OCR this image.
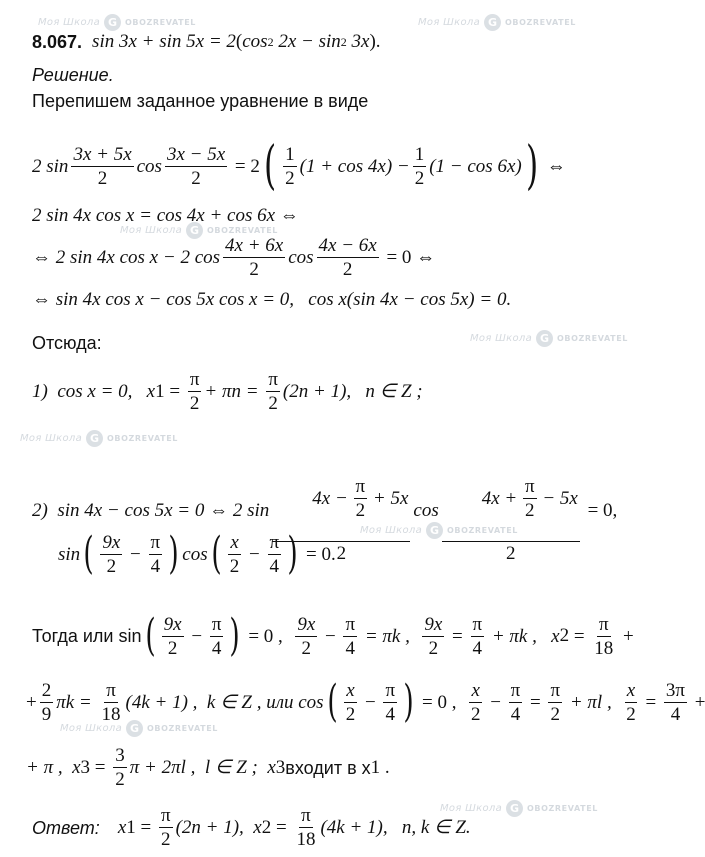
Моя Школа G OBOZREVATEL	Моя Школа G OBOZREVATEL
Моя Школа G OBOZREVATEL
Моя Школа G OBOZREVATEL
Моя Школа G OBOZREVATEL
Моя Школа G OBOZREVATEL
Моя Школа G OBOZREVATEL
Моя Школа G OBOZREVATEL
8.067. sin 3x + sin 5x = 2 ( cos 2 2x − sin 2 3x ) .
Решение.
Перепишем заданное уравнение в виде
2 $\sin \frac{3x + 5x}{2}$ $\cos \frac{3x - 5x}{2} = 2$ ( $\frac{1}{2} (1 + \cos 4x) - \frac{1}{2} (1 - \cos 6x)$ ) ⇔
2 sin 4x cos x = cos 4x + cos 6x ⇔
⇔ 2 sin 4x cos x − 2 $\cos \frac{4x + 6x}{2}$ $\cos \frac{4x - 6x}{2} = 0$ ⇔
⇔ sin 4x cos x − cos 5x cos x = 0,   cos x(sin 4x − cos 5x) = 0.
Отсюда:
1)  cos x = 0,   x $1 = \frac{\pi}{2} + \pi n = \frac{\pi}{2} (2n + 1)$,   n ∈ Z ;
2)  sin 4x − cos 5x = 0 ⇔ 2 sin

$\frac{4x - \frac{\pi}{2} + 5x}{2}$ cos

$\frac{4x + \frac{\pi}{2} - 5x}{2} = 0$,
sin ( $\frac{9x}{2} - \frac{\pi}{4}$ ) cos ( $\frac{x}{2} - \frac{\pi}{4}$ ) = 0.
Тогда или sin ( $\frac{9x}{2} - \frac{\pi}{4}$ ) = 0 , $\frac{9x}{2} - \frac{\pi}{4} = \pi k$ , $\frac{9x}{2} = \frac{\pi}{4} + \pi k$ ,   x $2 = \frac{\pi}{18}$ +
+ $\frac{2}{9}$ $\pi k = \frac{\pi}{18} (4k + 1)$ ,  k ∈ Z , или cos ( $\frac{x}{2} - \frac{\pi}{4}$ ) = 0 , $\frac{x}{2} - \frac{\pi}{4} = \frac{\pi}{2} + \pi l$ , $\frac{x}{2} = \frac{3\pi}{4}$ +
+ π ,  x $3 = \frac{3}{2}$ π + 2πl ,  l ∈ Z ;  x 3 входит в x 1 .
Ответ: x $1 = \frac{\pi}{2} (2n + 1)$,  x $2 = \frac{\pi}{18} (4k + 1)$,   n, k ∈ Z.
